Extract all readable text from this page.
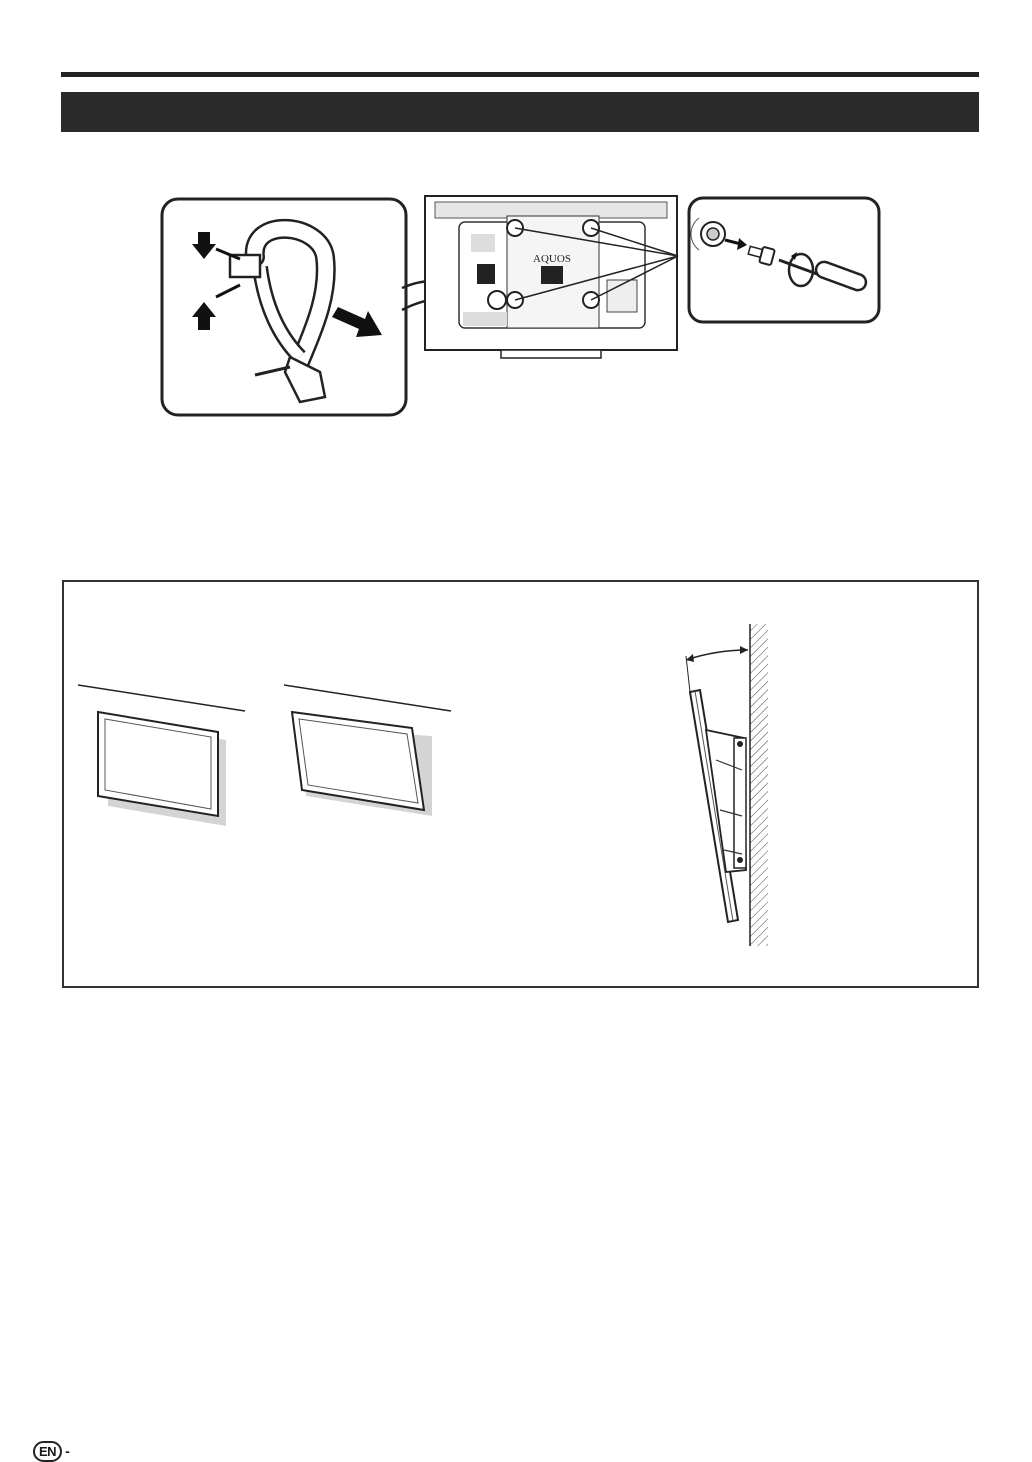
AQUOS
EN -
